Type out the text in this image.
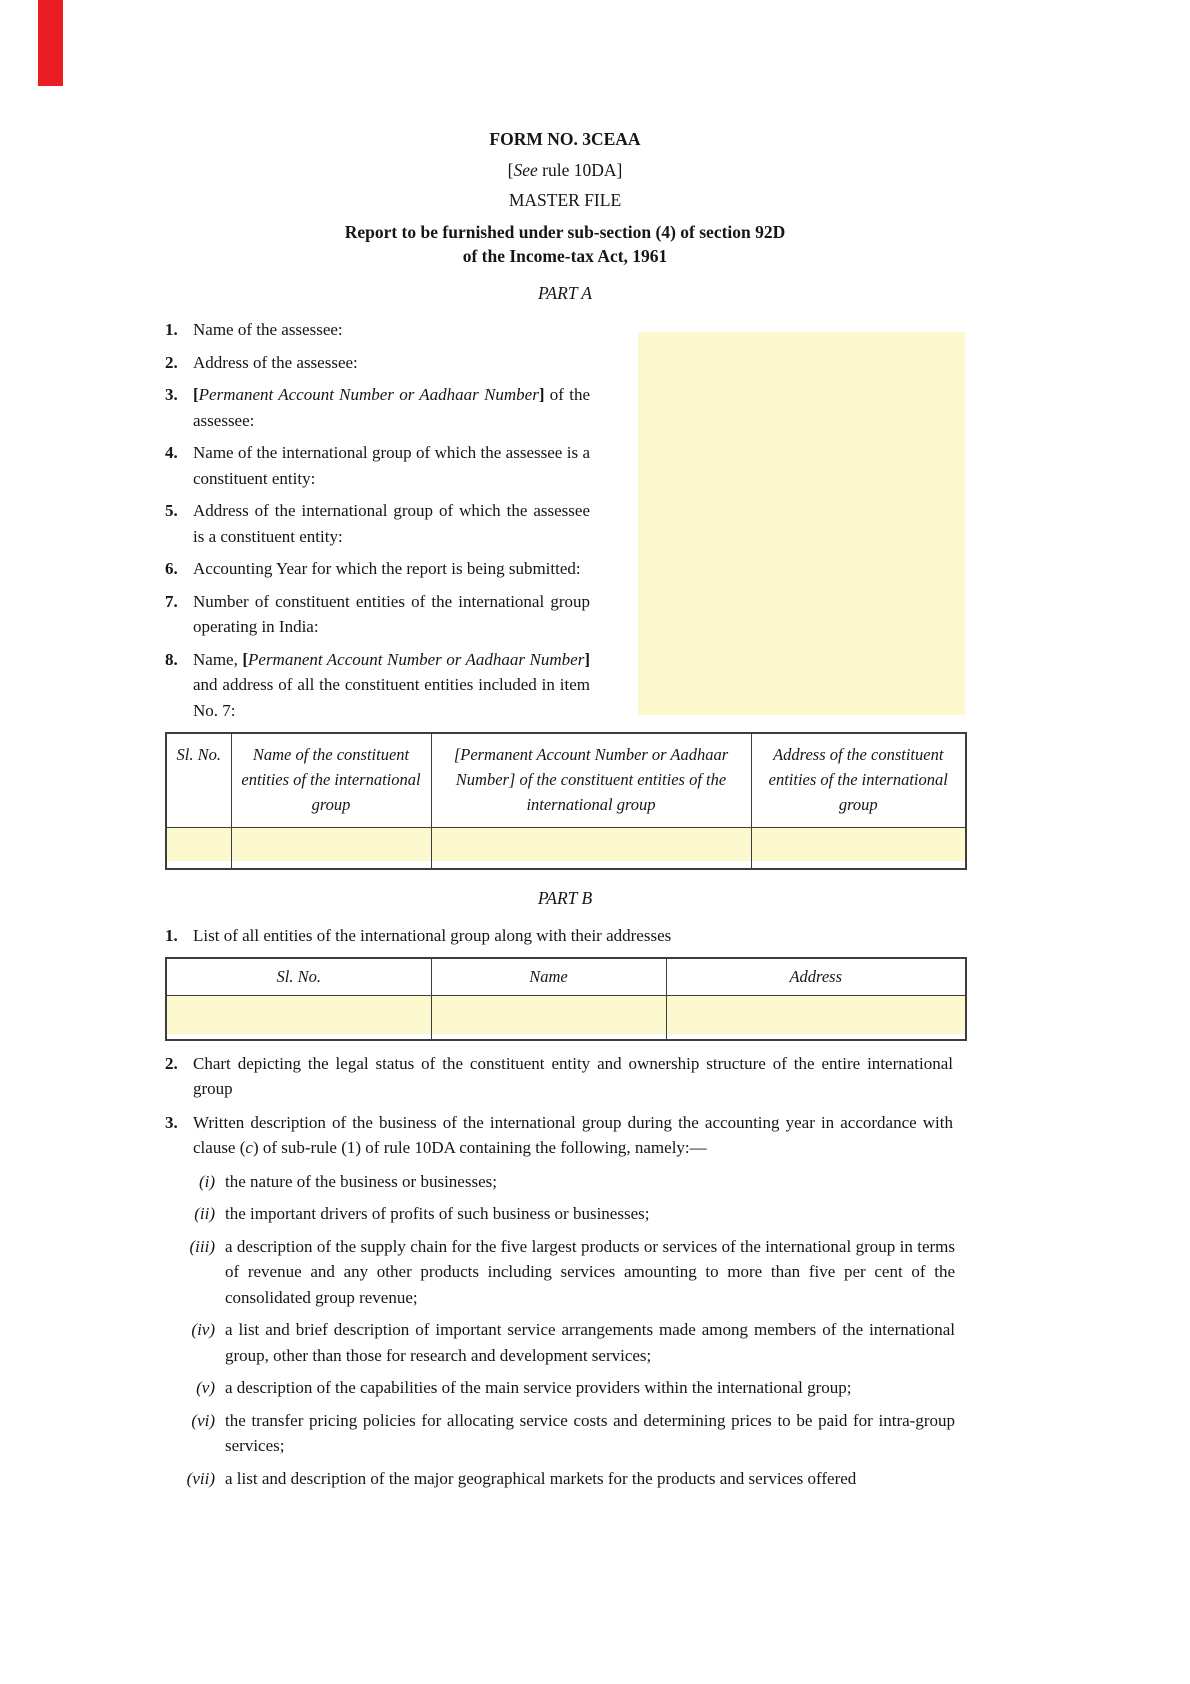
FORM NO. 3CEAA
[See rule 10DA]
MASTER FILE
Report to be furnished under sub-section (4) of section 92D
of the Income-tax Act, 1961
PART A
1. Name of the assessee:
2. Address of the assessee:
3. [Permanent Account Number or Aadhaar Number] of the assessee:
4. Name of the international group of which the assessee is a constituent entity:
5. Address of the international group of which the assessee is a constituent entity:
6. Accounting Year for which the report is being submitted:
7. Number of constituent entities of the international group operating in India:
8. Name, [Permanent Account Number or Aadhaar Number] and address of all the constituent entities included in item No. 7:
Sl. No.	Name of the constituent entities of the international group	[Permanent Account Number or Aadhaar Number] of the constituent entities of the international group	Address of the constituent entities of the international group

PART B
1. List of all entities of the international group along with their addresses
Sl. No.	Name	Address

2. Chart depicting the legal status of the constituent entity and ownership structure of the entire international group
3. Written description of the business of the international group during the accounting year in accordance with clause (c) of sub-rule (1) of rule 10DA containing the following, namely:—
(i) the nature of the business or businesses;
(ii) the important drivers of profits of such business or businesses;
(iii) a description of the supply chain for the five largest products or services of the international group in terms of revenue and any other products including services amounting to more than five per cent of the consolidated group revenue;
(iv) a list and brief description of important service arrangements made among members of the international group, other than those for research and development services;
(v) a description of the capabilities of the main service providers within the international group;
(vi) the transfer pricing policies for allocating service costs and determining prices to be paid for intra-group services;
(vii) a list and description of the major geographical markets for the products and services offered
